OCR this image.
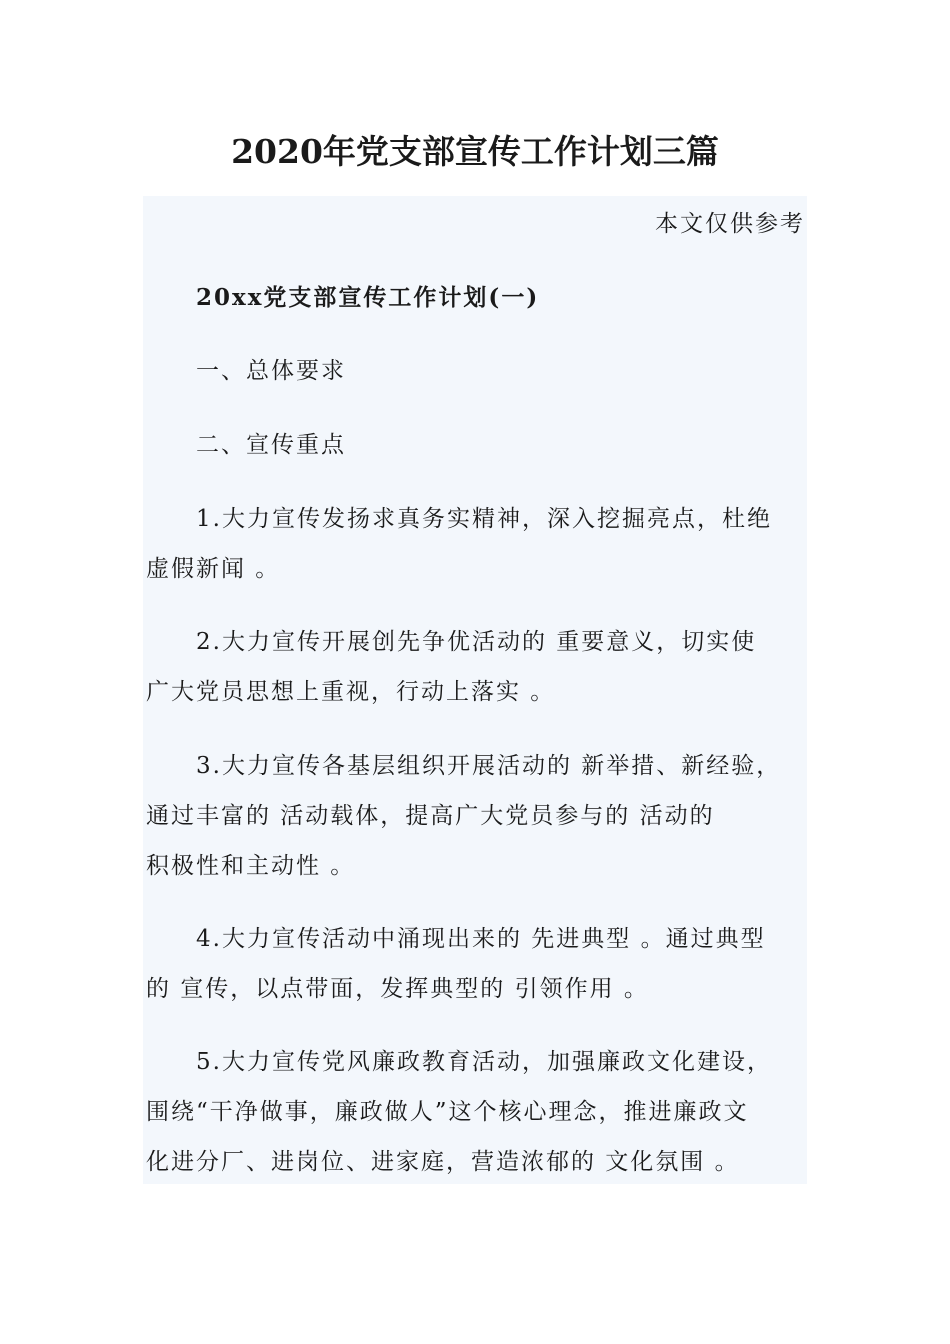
2020年党支部宣传工作计划三篇
本文仅供参考
20xx党支部宣传工作计划(一)
一、总体要求
二、宣传重点
1.大力宣传发扬求真务实精神，深入挖掘亮点，杜绝
虚假新闻 。
2.大力宣传开展创先争优活动的 重要意义，切实使
广大党员思想上重视，行动上落实 。
3.大力宣传各基层组织开展活动的 新举措、新经验，
通过丰富的 活动载体，提高广大党员参与的 活动的
积极性和主动性 。
4.大力宣传活动中涌现出来的 先进典型 。通过典型
的 宣传，以点带面，发挥典型的 引领作用 。
5.大力宣传党风廉政教育活动，加强廉政文化建设，
围绕“干净做事，廉政做人”这个核心理念，推进廉政文
化进分厂、进岗位、进家庭，营造浓郁的 文化氛围 。
